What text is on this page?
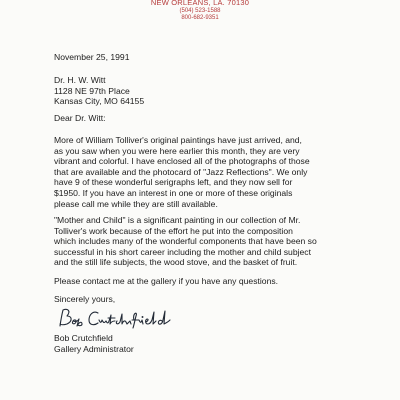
NEW ORLEANS, LA. 70130
(504) 523-1588
800-682-9351
November 25, 1991
Dr. H. W. Witt
1128 NE 97th Place
Kansas City, MO 64155
Dear Dr. Witt:
More of William Tolliver's original paintings have just arrived, and,
as you saw when you were here earlier this month, they are very
vibrant and colorful. I have enclosed all of the photographs of those
that are available and the photocard of "Jazz Reflections". We only
have 9 of these wonderful serigraphs left, and they now sell for
$1950. If you have an interest in one or more of these originals
please call me while they are still available.
"Mother and Child" is a significant painting in our collection of Mr.
Tolliver's work because of the effort he put into the composition
which includes many of the wonderful components that have been so
successful in his short career including the mother and child subject
and the still life subjects, the wood stove, and the basket of fruit.
Please contact me at the gallery if you have any questions.
Sincerely yours,
Bob Crutchfield
Gallery Administrator
